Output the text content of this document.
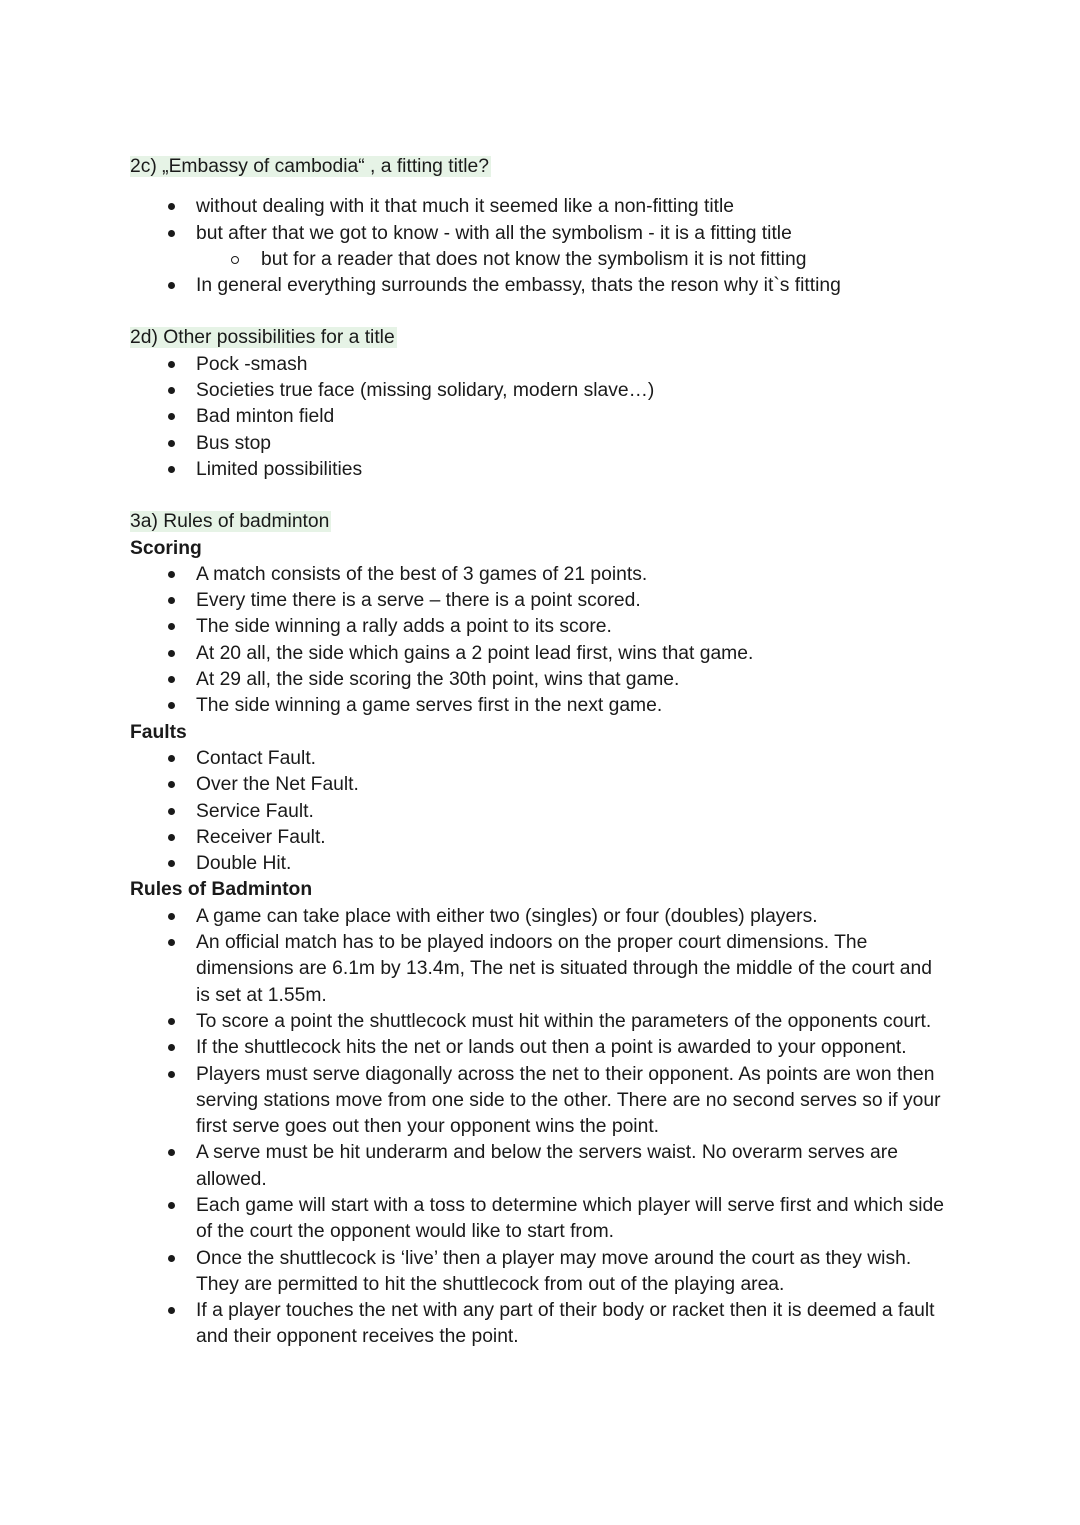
2c) „Embassy of cambodia“ , a fitting title?
without dealing with it that much it seemed like a non-fitting title
but after that we got to know - with all the symbolism - it is a fitting title
but for a reader that does not know the symbolism it is not fitting
In general everything surrounds the embassy, thats the reson why it`s fitting
2d) Other possibilities for a title
Pock -smash
Societies true face (missing solidary, modern slave…)
Bad minton field
Bus stop
Limited possibilities
3a) Rules of badminton
Scoring
A match consists of the best of 3 games of 21 points.
Every time there is a serve – there is a point scored.
The side winning a rally adds a point to its score.
At 20 all, the side which gains a 2 point lead first, wins that game.
At 29 all, the side scoring the 30th point, wins that game.
The side winning a game serves first in the next game.
Faults
Contact Fault.
Over the Net Fault.
Service Fault.
Receiver Fault.
Double Hit.
Rules of Badminton
A game can take place with either two (singles) or four (doubles) players.
An official match has to be played indoors on the proper court dimensions. The dimensions are 6.1m by 13.4m, The net is situated through the middle of the court and is set at 1.55m.
To score a point the shuttlecock must hit within the parameters of the opponents court.
If the shuttlecock hits the net or lands out then a point is awarded to your opponent.
Players must serve diagonally across the net to their opponent. As points are won then serving stations move from one side to the other. There are no second serves so if your first serve goes out then your opponent wins the point.
A serve must be hit underarm and below the servers waist. No overarm serves are allowed.
Each game will start with a toss to determine which player will serve first and which side of the court the opponent would like to start from.
Once the shuttlecock is ‘live’ then a player may move around the court as they wish. They are permitted to hit the shuttlecock from out of the playing area.
If a player touches the net with any part of their body or racket then it is deemed a fault and their opponent receives the point.
